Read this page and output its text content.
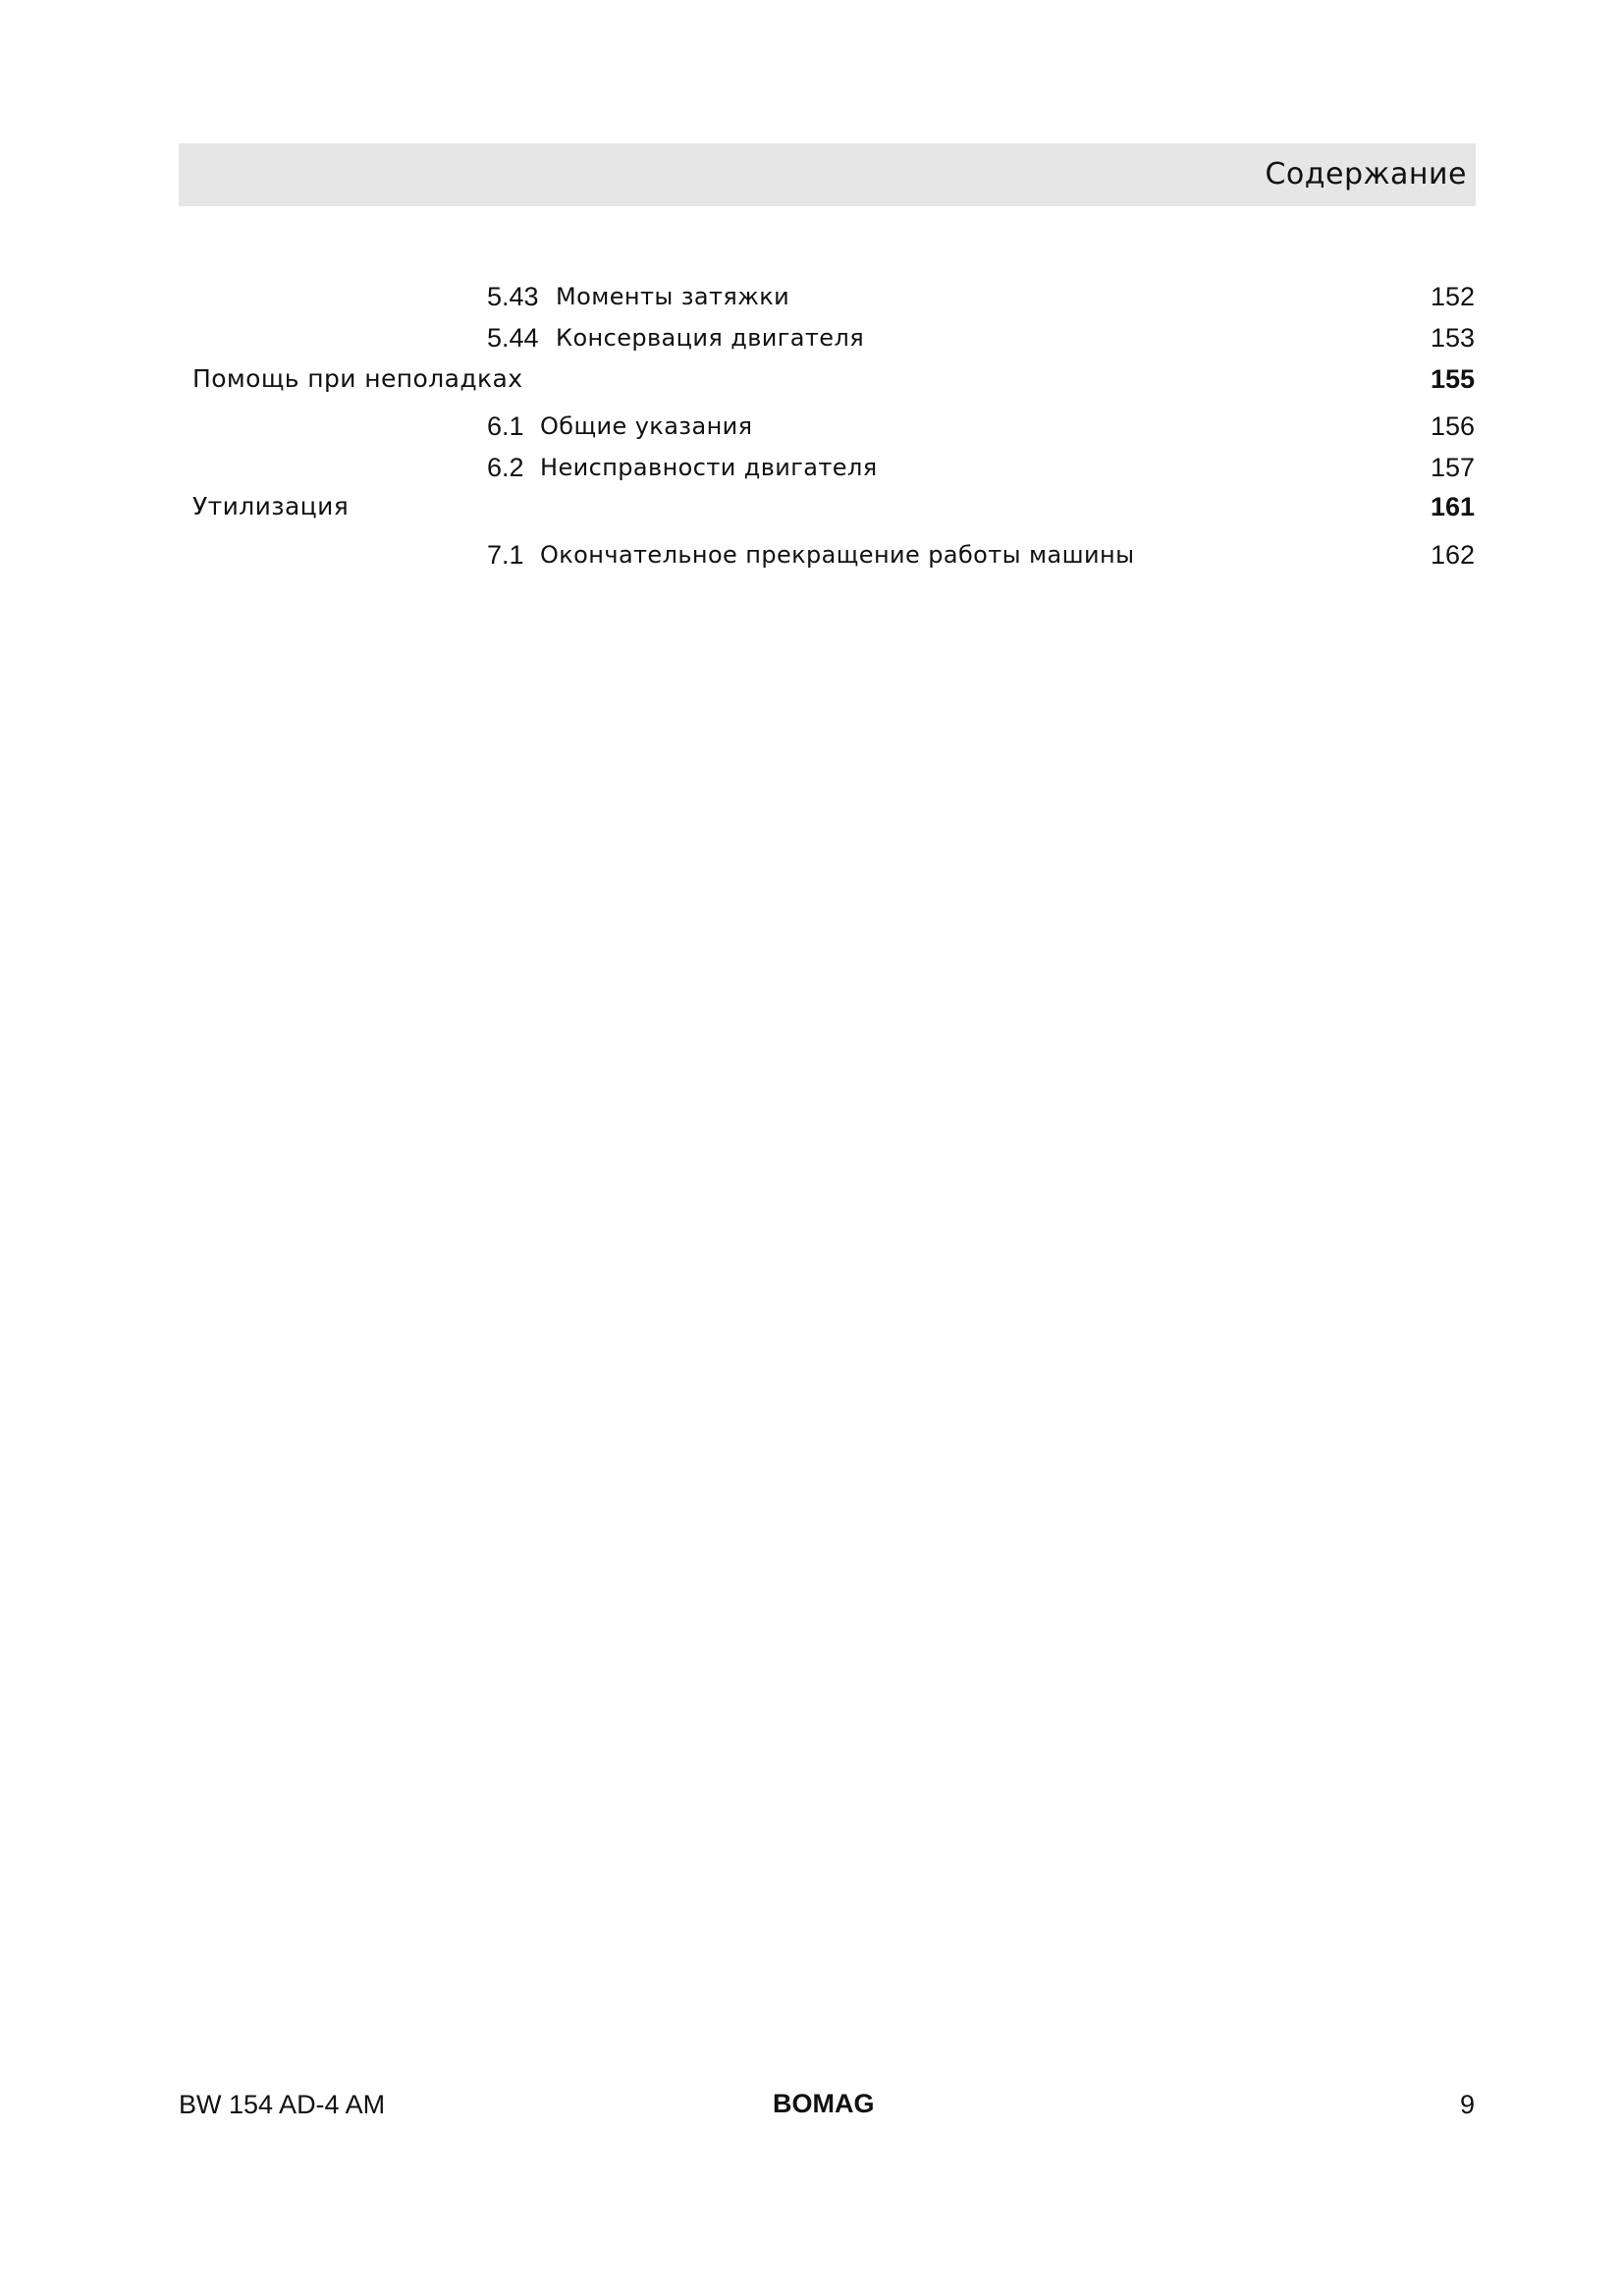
Содержание
5.43 Моменты затяжки	152
5.44 Консервация двигателя	153
Помощь при неполадках	155
6.1 Общие указания	156
6.2 Неисправности двигателя	157
Утилизация	161
7.1 Окончательное прекращение работы машины	162
BW 154 AD-4 AM	BOMAG	9
